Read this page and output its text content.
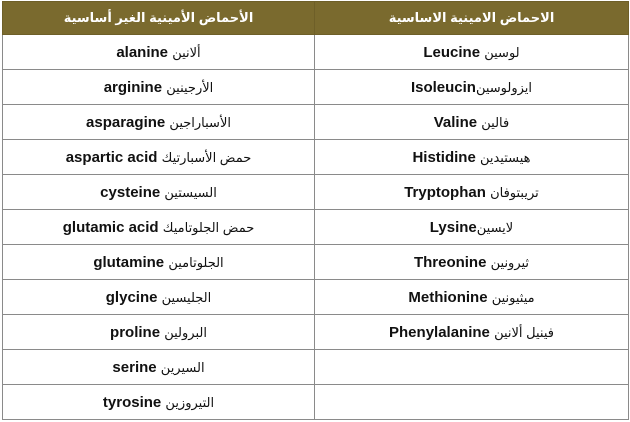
الأحماض الأمينية الغير أساسية	الاحماض الامينية الاساسية
alanine ألانين	Leucine لوسين
arginine الأرجينين	Isoleucinايزولوسين
asparagine الأسباراجين	Valine فالين
aspartic acid حمض الأسبارتيك	Histidine هيستيدين
cysteine السيستين	Tryptophan تريبتوفان
glutamic acid حمض الجلوتاميك	Lysineلايسين
glutamine الجلوتامين	Threonine ثيرونين
glycine الجليسين	Methionine ميثيونين
proline البرولين	Phenylalanine فينيل ألانين
serine السيرين	
tyrosine التيروزين	
